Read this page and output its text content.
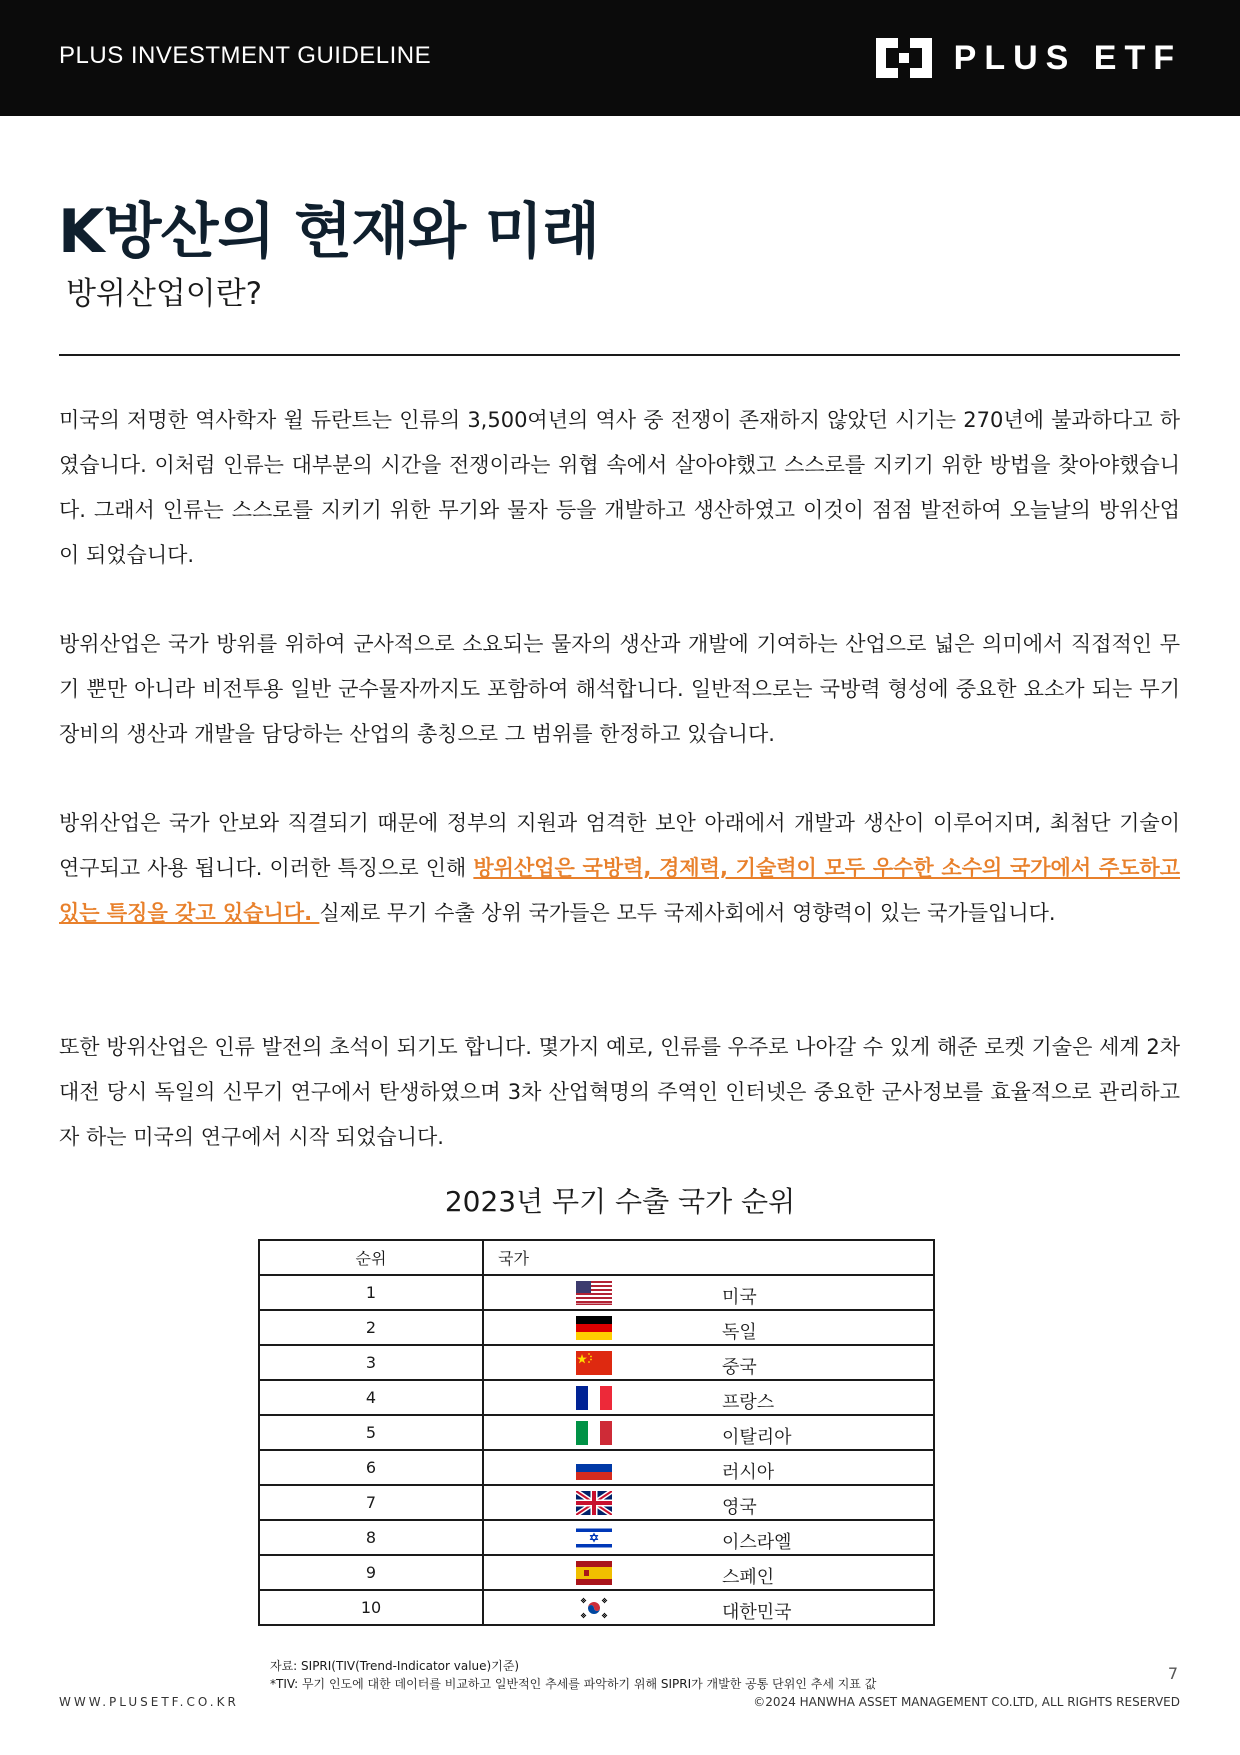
PLUS INVESTMENT GUIDELINE	PLUS ETF
K방산의 현재와 미래
방위산업이란?

미국의 저명한 역사학자 윌 듀란트는 인류의 3,500여년의 역사 중 전쟁이 존재하지 않았던 시기는 270년에 불과하다고 하였습니다. 이처럼 인류는 대부분의 시간을 전쟁이라는 위협 속에서 살아야했고 스스로를 지키기 위한 방법을 찾아야했습니다. 그래서 인류는 스스로를 지키기 위한 무기와 물자 등을 개발하고 생산하였고 이것이 점점 발전하여 오늘날의 방위산업이 되었습니다.

방위산업은 국가 방위를 위하여 군사적으로 소요되는 물자의 생산과 개발에 기여하는 산업으로 넓은 의미에서 직접적인 무기 뿐만 아니라 비전투용 일반 군수물자까지도 포함하여 해석합니다. 일반적으로는 국방력 형성에 중요한 요소가 되는 무기장비의 생산과 개발을 담당하는 산업의 총칭으로 그 범위를 한정하고 있습니다.

방위산업은 국가 안보와 직결되기 때문에 정부의 지원과 엄격한 보안 아래에서 개발과 생산이 이루어지며, 최첨단 기술이 연구되고 사용 됩니다. 이러한 특징으로 인해 방위산업은 국방력, 경제력, 기술력이 모두 우수한 소수의 국가에서 주도하고 있는 특징을 갖고 있습니다. 실제로 무기 수출 상위 국가들은 모두 국제사회에서 영향력이 있는 국가들입니다.

또한 방위산업은 인류 발전의 초석이 되기도 합니다. 몇가지 예로, 인류를 우주로 나아갈 수 있게 해준 로켓 기술은 세계 2차 대전 당시 독일의 신무기 연구에서 탄생하였으며 3차 산업혁명의 주역인 인터넷은 중요한 군사정보를 효율적으로 관리하고자 하는 미국의 연구에서 시작 되었습니다.

2023년 무기 수출 국가 순위
순위	국가
1	미국

2	독일

3	중국

4	프랑스

5	이탈리아

6	러시아

7	영국

8	이스라엘

9	스페인

10	대한민국
자료: SIPRI(TIV(Trend-Indicator value)기준)
*TIV: 무기 인도에 대한 데이터를 비교하고 일반적인 추세를 파악하기 위해 SIPRI가 개발한 공통 단위인 추세 지표 값
7
WWW.PLUSETF.CO.KR	©2024 HANWHA ASSET MANAGEMENT CO.LTD, ALL RIGHTS RESERVED
